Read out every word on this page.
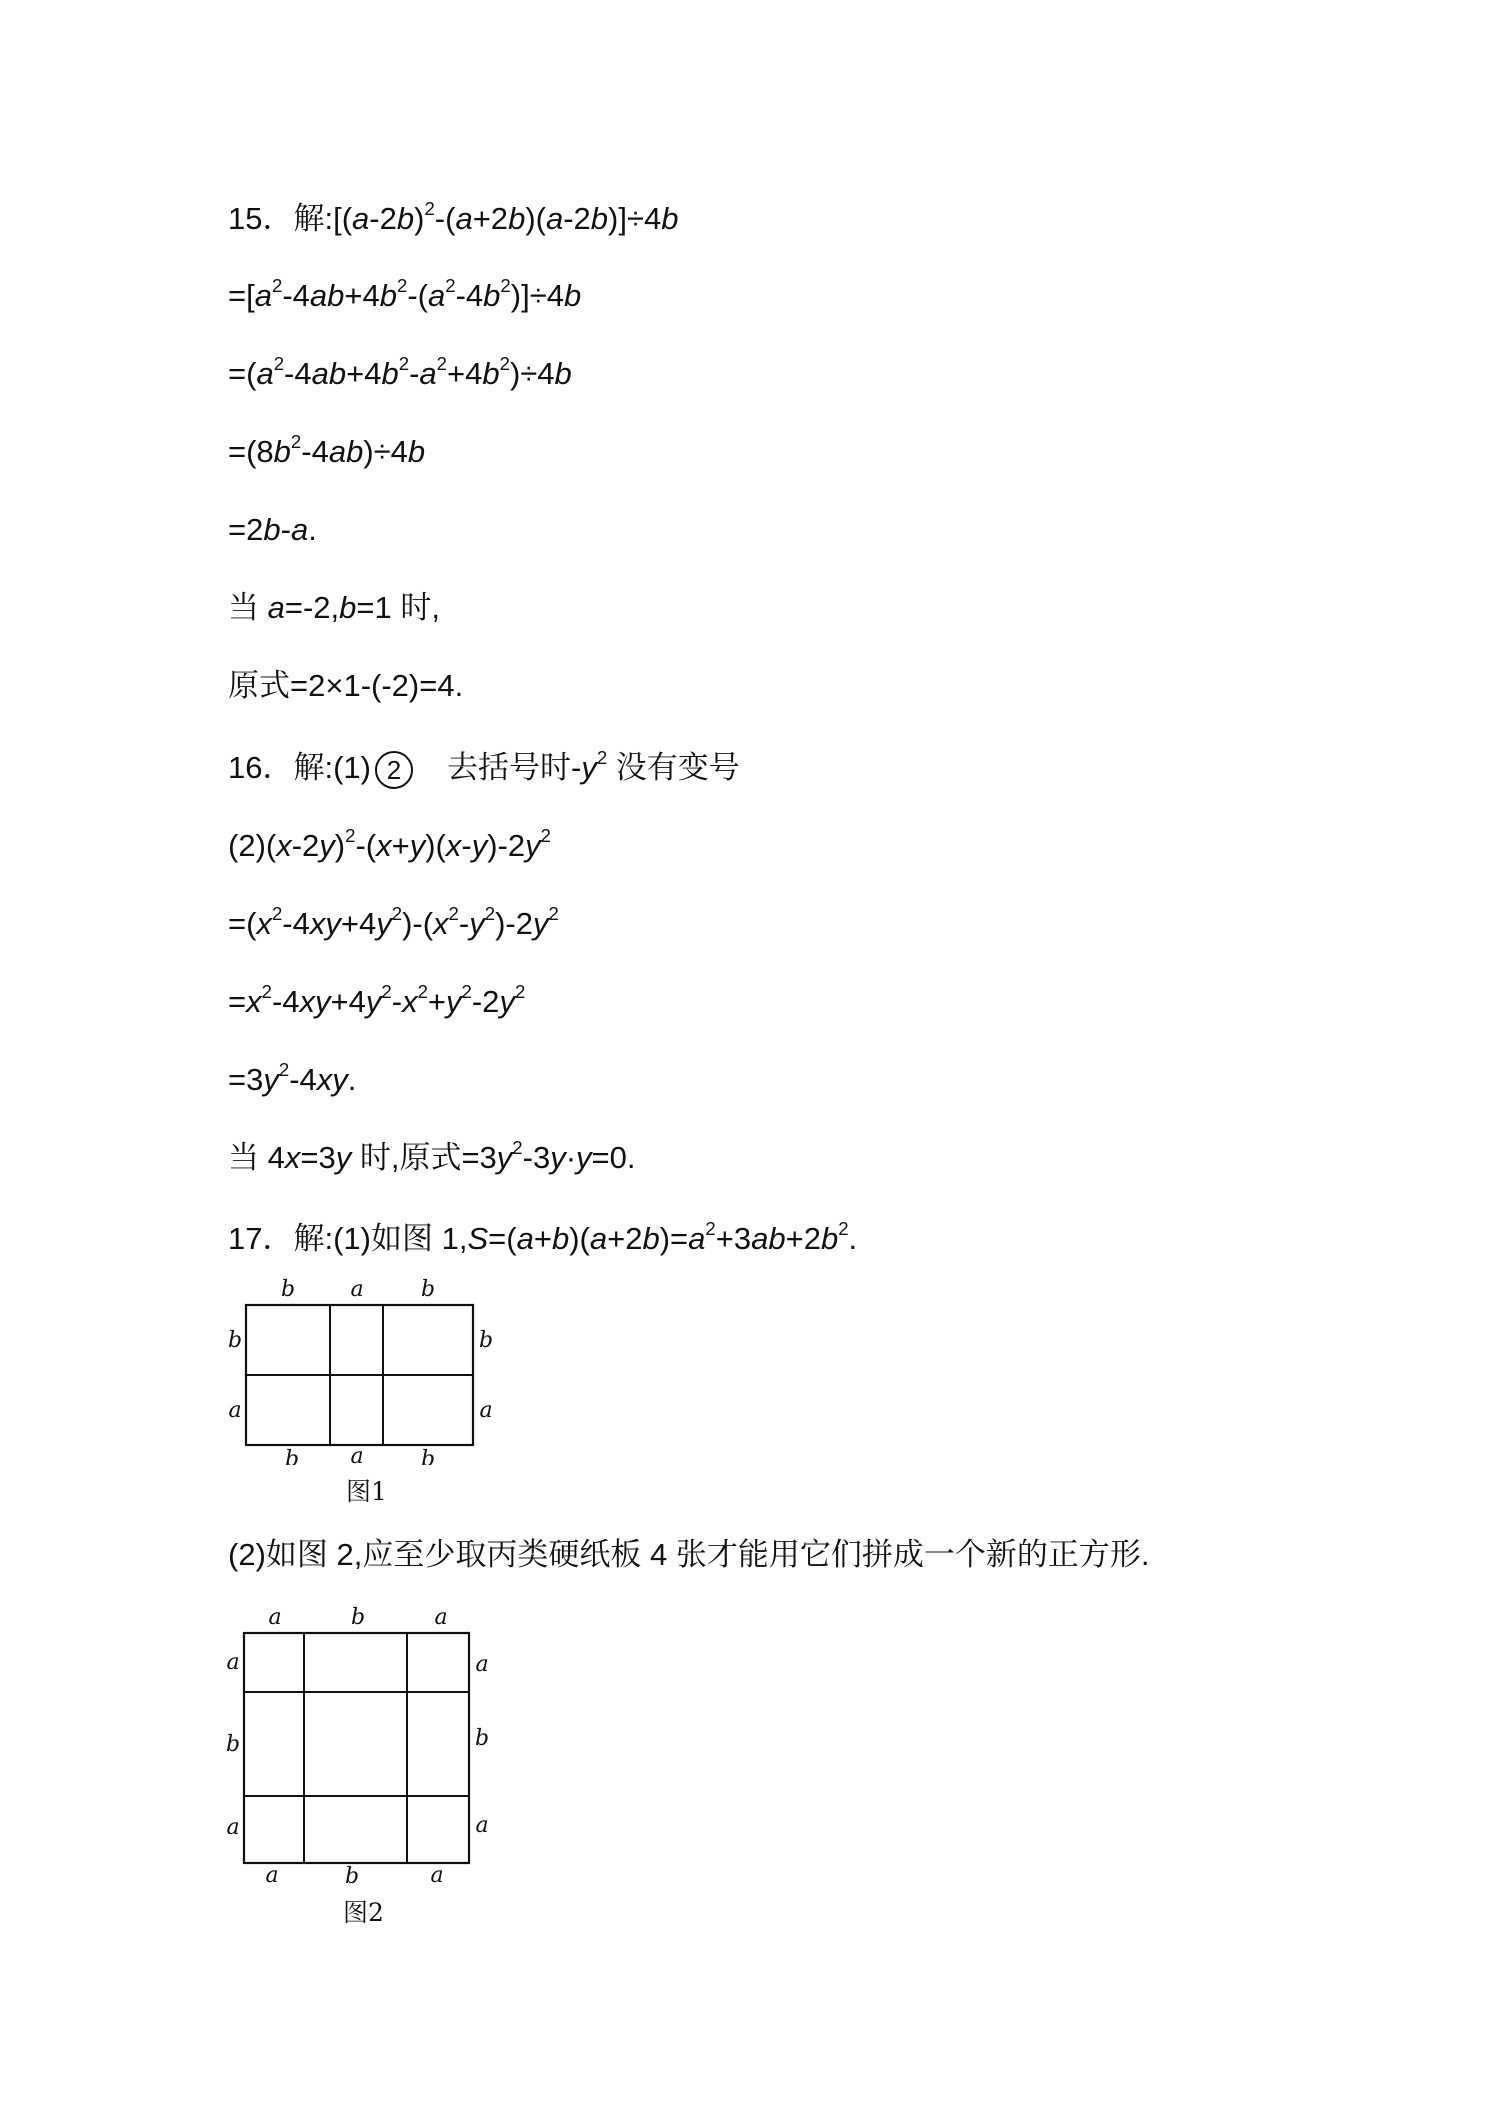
15．解$:[(a-2b)^2-(a+2b)(a-2b)]\div 4b$
$=[a^2-4ab+4b^2-(a^2-4b^2)]\div 4b$
$=(a^2-4ab+4b^2-a^2+4b^2)\div 4b$
$=(8b^2-4ab)\div 4b$
=2b-a.
当 a=-2,b=1 时,
原式=2×1-(-2)=4.
16．解:(1) 2 去括号时$-y^2$ 没有变号
$(2)(x-2y)^2-(x+y)(x-y)-2y^2$
$=(x^2-4xy+4y^2)-(x^2-y^2)-2y^2$
$=x^2-4xy+4y^2-x^2+y^2-2y^2$
$=3y^2-4xy$.
当 4x=3y 时,原式$=3y^2-3y\cdot y=0$.
17．解:(1)如图 $1,S=(a+b)(a+2b)=a^2+3ab+2b^2$.
b	a	b
b a	b
b
a
b
a
图1
(2)如图 2,应至少取丙类硬纸板 4 张才能用它们拼成一个新的正方形.
a	b	a
a	b	a
a
b
a
a
b
a
图2
